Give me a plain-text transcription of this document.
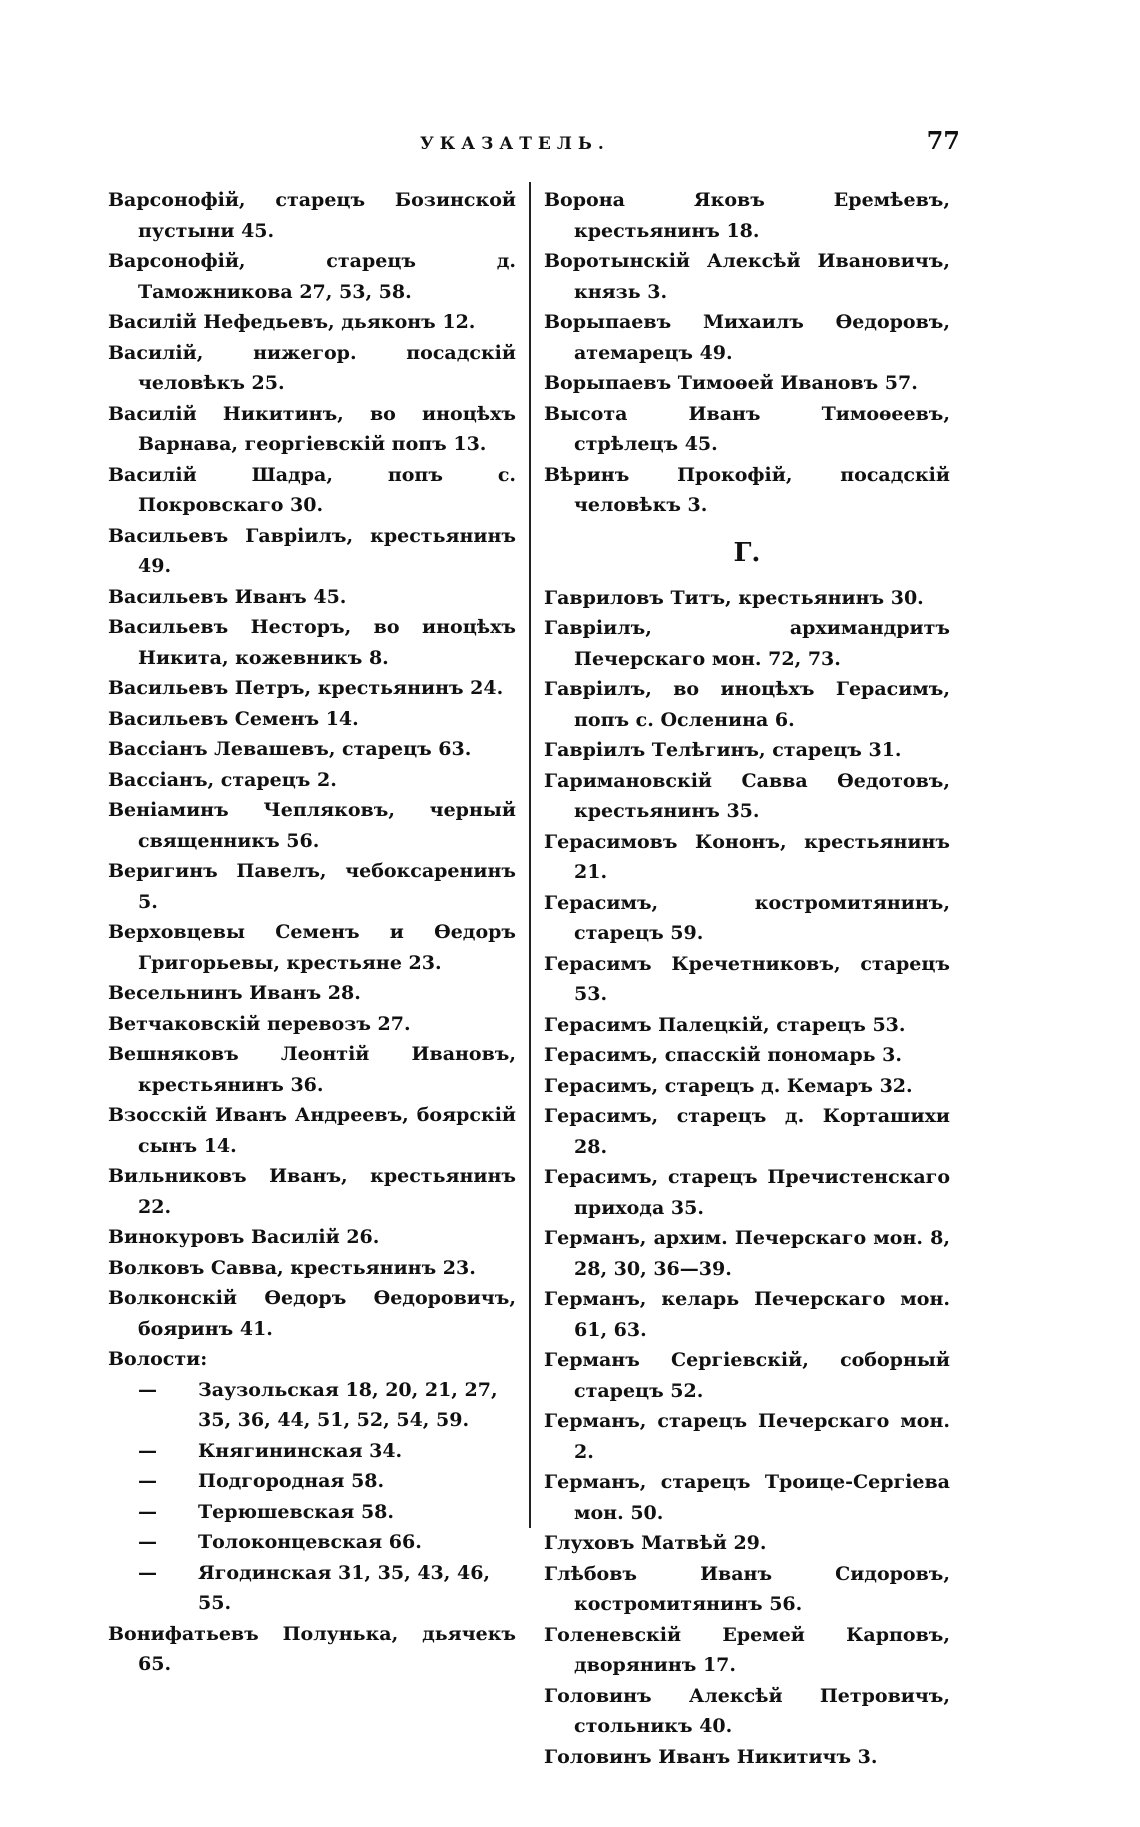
УКАЗАТЕЛЬ.	77
Варсонофій, старецъ Бозинской пустыни 45.
Варсонофій, старецъ д. Таможникова 27, 53, 58.
Василій Нефедьевъ, дьяконъ 12.
Василій, нижегор. посадскій человѣкъ 25.
Василій Никитинъ, во иноцѣхъ Варнава, георгіевскій попъ 13.
Василій Шадра, попъ с. Покровскаго 30.
Васильевъ Гавріилъ, крестьянинъ 49.
Васильевъ Иванъ 45.
Васильевъ Несторъ, во иноцѣхъ Никита, кожевникъ 8.
Васильевъ Петръ, крестьянинъ 24.
Васильевъ Семенъ 14.
Вассіанъ Левашевъ, старецъ 63.
Вассіанъ, старецъ 2.
Веніаминъ Чепляковъ, черный священникъ 56.
Веригинъ Павелъ, чебоксаренинъ 5.
Верховцевы Семенъ и Ѳедоръ Григорьевы, крестьяне 23.
Весельнинъ Иванъ 28.
Ветчаковскій перевозъ 27.
Вешняковъ Леонтій Ивановъ, крестьянинъ 36.
Взосскій Иванъ Андреевъ, боярскій сынъ 14.
Вильниковъ Иванъ, крестьянинъ 22.
Винокуровъ Василій 26.
Волковъ Савва, крестьянинъ 23.
Волконскій Ѳедоръ Ѳедоровичъ, бояринъ 41.
Волости:
—	Заузольская 18, 20, 21, 27, 35, 36, 44, 51, 52, 54, 59.
—	Княгининская 34.
—	Подгородная 58.
—	Терюшевская 58.
—	Толоконцевская 66.
—	Ягодинская 31, 35, 43, 46, 55.
Вонифатьевъ Полунька, дьячекъ 65.
Ворона Яковъ Еремѣевъ, крестьянинъ 18.
Воротынскій Алексѣй Ивановичъ, князь 3.
Ворыпаевъ Михаилъ Ѳедоровъ, атемарецъ 49.
Ворыпаевъ Тимоѳей Ивановъ 57.
Высота Иванъ Тимоѳеевъ, стрѣлецъ 45.
Вѣринъ Прокофій, посадскій человѣкъ 3.
Г.
Гавриловъ Титъ, крестьянинъ 30.
Гавріилъ, архимандритъ Печерскаго мон. 72, 73.
Гавріилъ, во иноцѣхъ Герасимъ, попъ с. Осленина 6.
Гавріилъ Телѣгинъ, старецъ 31.
Гаримановскій Савва Ѳедотовъ, крестьянинъ 35.
Герасимовъ Кононъ, крестьянинъ 21.
Герасимъ, костромитянинъ, старецъ 59.
Герасимъ Кречетниковъ, старецъ 53.
Герасимъ Палецкій, старецъ 53.
Герасимъ, спасскій пономарь 3.
Герасимъ, старецъ д. Кемаръ 32.
Герасимъ, старецъ д. Корташихи 28.
Герасимъ, старецъ Пречистенскаго прихода 35.
Германъ, архим. Печерскаго мон. 8, 28, 30, 36—39.
Германъ, келарь Печерскаго мон. 61, 63.
Германъ Сергіевскій, соборный старецъ 52.
Германъ, старецъ Печерскаго мон. 2.
Германъ, старецъ Троице-Сергіева мон. 50.
Глуховъ Матвѣй 29.
Глѣбовъ Иванъ Сидоровъ, костромитянинъ 56.
Голеневскій Еремей Карповъ, дворянинъ 17.
Головинъ Алексѣй Петровичъ, стольникъ 40.
Головинъ Иванъ Никитичъ 3.
